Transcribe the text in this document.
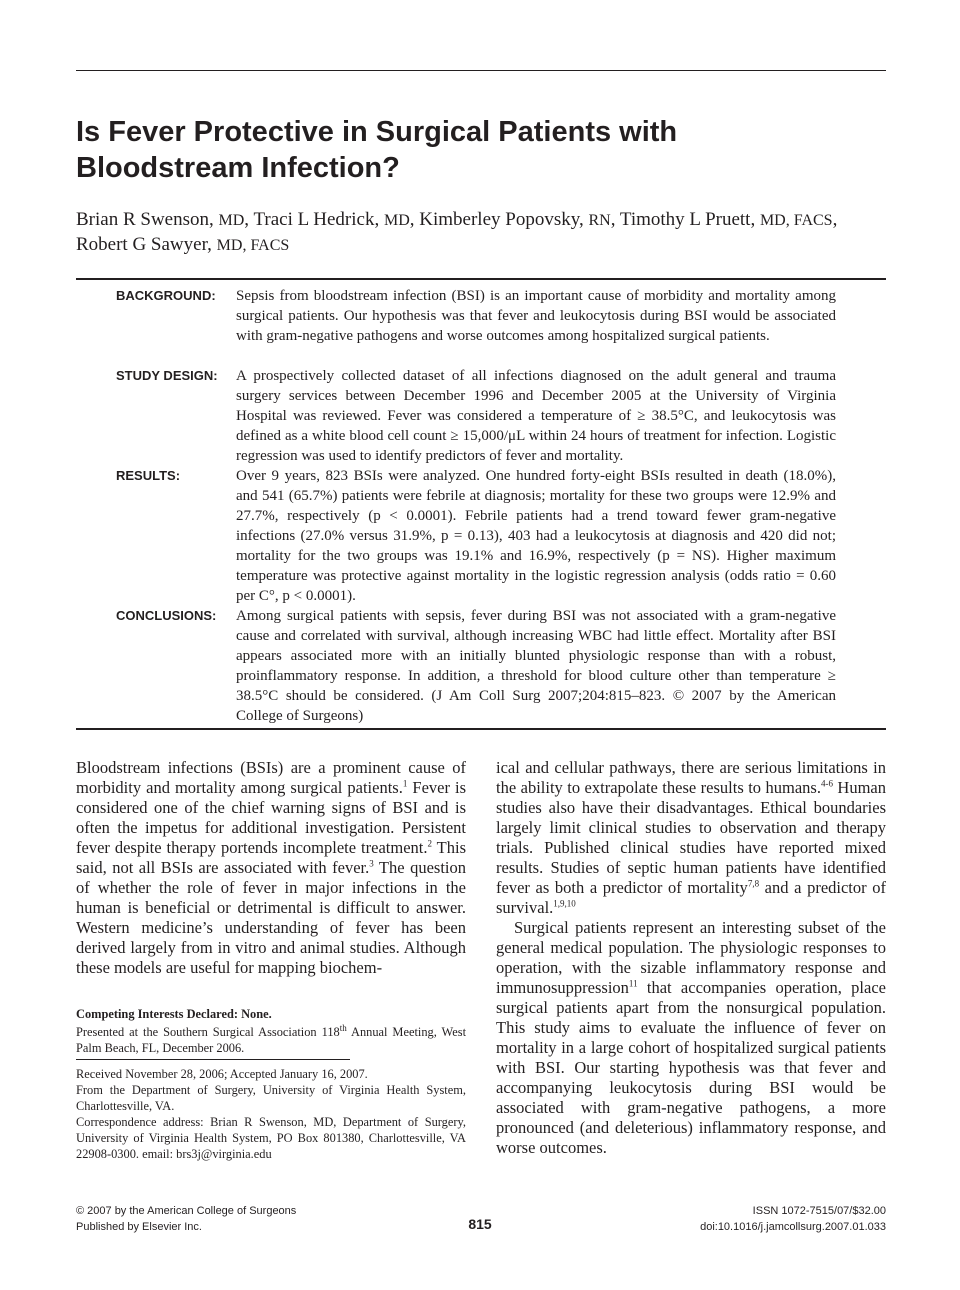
Is Fever Protective in Surgical Patients with Bloodstream Infection?
Brian R Swenson, MD, Traci L Hedrick, MD, Kimberley Popovsky, RN, Timothy L Pruett, MD, FACS,
Robert G Sawyer, MD, FACS
BACKGROUND: Sepsis from bloodstream infection (BSI) is an important cause of morbidity and mortality among surgical patients. Our hypothesis was that fever and leukocytosis during BSI would be associated with gram-negative pathogens and worse outcomes among hospitalized surgical patients.
STUDY DESIGN: A prospectively collected dataset of all infections diagnosed on the adult general and trauma surgery services between December 1996 and December 2005 at the University of Virginia Hospital was reviewed. Fever was considered a temperature of ≥ 38.5°C, and leukocytosis was defined as a white blood cell count ≥ 15,000/μL within 24 hours of treatment for infection. Logistic regression was used to identify predictors of fever and mortality.
RESULTS:	Over 9 years, 823 BSIs were analyzed. One hundred forty-eight BSIs resulted in death (18.0%), and 541 (65.7%) patients were febrile at diagnosis; mortality for these two groups were 12.9% and 27.7%, respectively (p < 0.0001). Febrile patients had a trend toward fewer gram-negative infections (27.0% versus 31.9%, p = 0.13), 403 had a leukocytosis at diagnosis and 420 did not; mortality for the two groups was 19.1% and 16.9%, respectively (p = NS). Higher maximum temperature was protective against mortality in the logistic regression analysis (odds ratio = 0.60 per C°, p < 0.0001).
CONCLUSIONS: Among surgical patients with sepsis, fever during BSI was not associated with a gram-negative cause and correlated with survival, although increasing WBC had little effect. Mortality after BSI appears associated more with an initially blunted physiologic response than with a robust, proinflammatory response. In addition, a threshold for blood culture other than temperature ≥ 38.5°C should be considered. (J Am Coll Surg 2007;204:815–823. © 2007 by the American College of Surgeons)

Bloodstream infections (BSIs) are a prominent cause of morbidity and mortality among surgical patients.$^1$ Fever is considered one of the chief warning signs of BSI and is often the impetus for additional investigation. Persistent fever despite therapy portends incomplete treatment.$^2$ This said, not all BSIs are associated with fever.$^3$ The question of whether the role of fever in major infections in the human is beneficial or detrimental is difficult to answer. Western medicine’s understanding of fever has been derived largely from in vitro and animal studies. Although these models are useful for mapping biochem-

ical and cellular pathways, there are serious limitations in the ability to extrapolate these results to humans.$^{4-6}$ Human studies also have their disadvantages. Ethical boundaries largely limit clinical studies to observation and therapy trials. Published clinical studies have reported mixed results. Studies of septic human patients have identified fever as both a predictor of mortality$^{7,8}$ and a predictor of survival.$^{1,9,10}$

Surgical patients represent an interesting subset of the general medical population. The physiologic responses to operation, with the sizable inflammatory response and immunosuppression$^{11}$ that accompanies operation, place surgical patients apart from the nonsurgical population. This study aims to evaluate the influence of fever on mortality in a large cohort of hospitalized surgical patients with BSI. Our starting hypothesis was that fever and accompanying leukocytosis during BSI would be associated with gram-negative pathogens, a more pronounced (and deleterious) inflammatory response, and worse outcomes.

Competing Interests Declared: None.

Presented at the Southern Surgical Association 118th Annual Meeting, West Palm Beach, FL, December 2006.

Received November 28, 2006; Accepted January 16, 2007.

From the Department of Surgery, University of Virginia Health System, Charlottesville, VA.

Correspondence address: Brian R Swenson, MD, Department of Surgery, University of Virginia Health System, PO Box 801380, Charlottesville, VA 22908-0300. email: brs3j@virginia.edu

© 2007 by the American College of Surgeons
Published by Elsevier Inc.	815
ISSN 1072-7515/07/$32.00
doi:10.1016/j.jamcollsurg.2007.01.033
